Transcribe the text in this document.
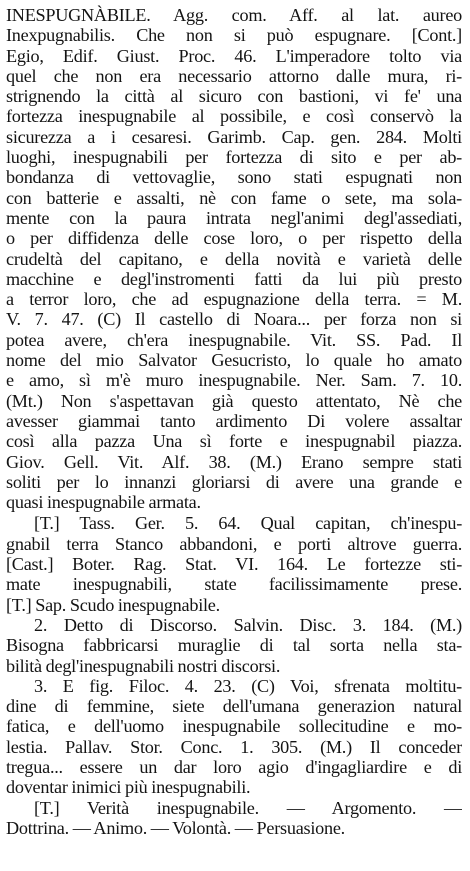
INESPUGNÀBILE. Agg. com. Aff. al lat. aureo
Inexpugnabilis. Che non si può espugnare. [Cont.]
Egio, Edif. Giust. Proc. 46. L'imperadore tolto via
quel che non era necessario attorno dalle mura, ri-
strignendo la città al sicuro con bastioni, vi fe' una
fortezza inespugnabile al possibile, e così conservò la
sicurezza a i cesaresi. Garimb. Cap. gen. 284. Molti
luoghi, inespugnabili per fortezza di sito e per ab-
bondanza di vettovaglie, sono stati espugnati non
con batterie e assalti, nè con fame o sete, ma sola-
mente con la paura intrata negl'animi degl'assediati,
o per diffidenza delle cose loro, o per rispetto della
crudeltà del capitano, e della novità e varietà delle
macchine e degl'instromenti fatti da lui più presto
a terror loro, che ad espugnazione della terra. = M.
V. 7. 47. (C) Il castello di Noara... per forza non si
potea avere, ch'era inespugnabile. Vit. SS. Pad. Il
nome del mio Salvator Gesucristo, lo quale ho amato
e amo, sì m'è muro inespugnabile. Ner. Sam. 7. 10.
(Mt.) Non s'aspettavan già questo attentato, Nè che
avesser giammai tanto ardimento Di volere assaltar
così alla pazza Una sì forte e inespugnabil piazza.
Giov. Gell. Vit. Alf. 38. (M.) Erano sempre stati
soliti per lo innanzi gloriarsi di avere una grande e
quasi inespugnabile armata.
[T.] Tass. Ger. 5. 64. Qual capitan, ch'inespu-
gnabil terra Stanco abbandoni, e porti altrove guerra.
[Cast.] Boter. Rag. Stat. VI. 164. Le fortezze sti-
mate inespugnabili, state facilissimamente prese.
[T.] Sap. Scudo inespugnabile.
2. Detto di Discorso. Salvin. Disc. 3. 184. (M.)
Bisogna fabbricarsi muraglie di tal sorta nella sta-
bilità degl'inespugnabili nostri discorsi.
3. E fig. Filoc. 4. 23. (C) Voi, sfrenata moltitu-
dine di femmine, siete dell'umana generazion natural
fatica, e dell'uomo inespugnabile sollecitudine e mo-
lestia. Pallav. Stor. Conc. 1. 305. (M.) Il conceder
tregua... essere un dar loro agio d'ingagliardire e di
doventar inimici più inespugnabili.
[T.] Verità inespugnabile. — Argomento. —
Dottrina. — Animo. — Volontà. — Persuasione.
